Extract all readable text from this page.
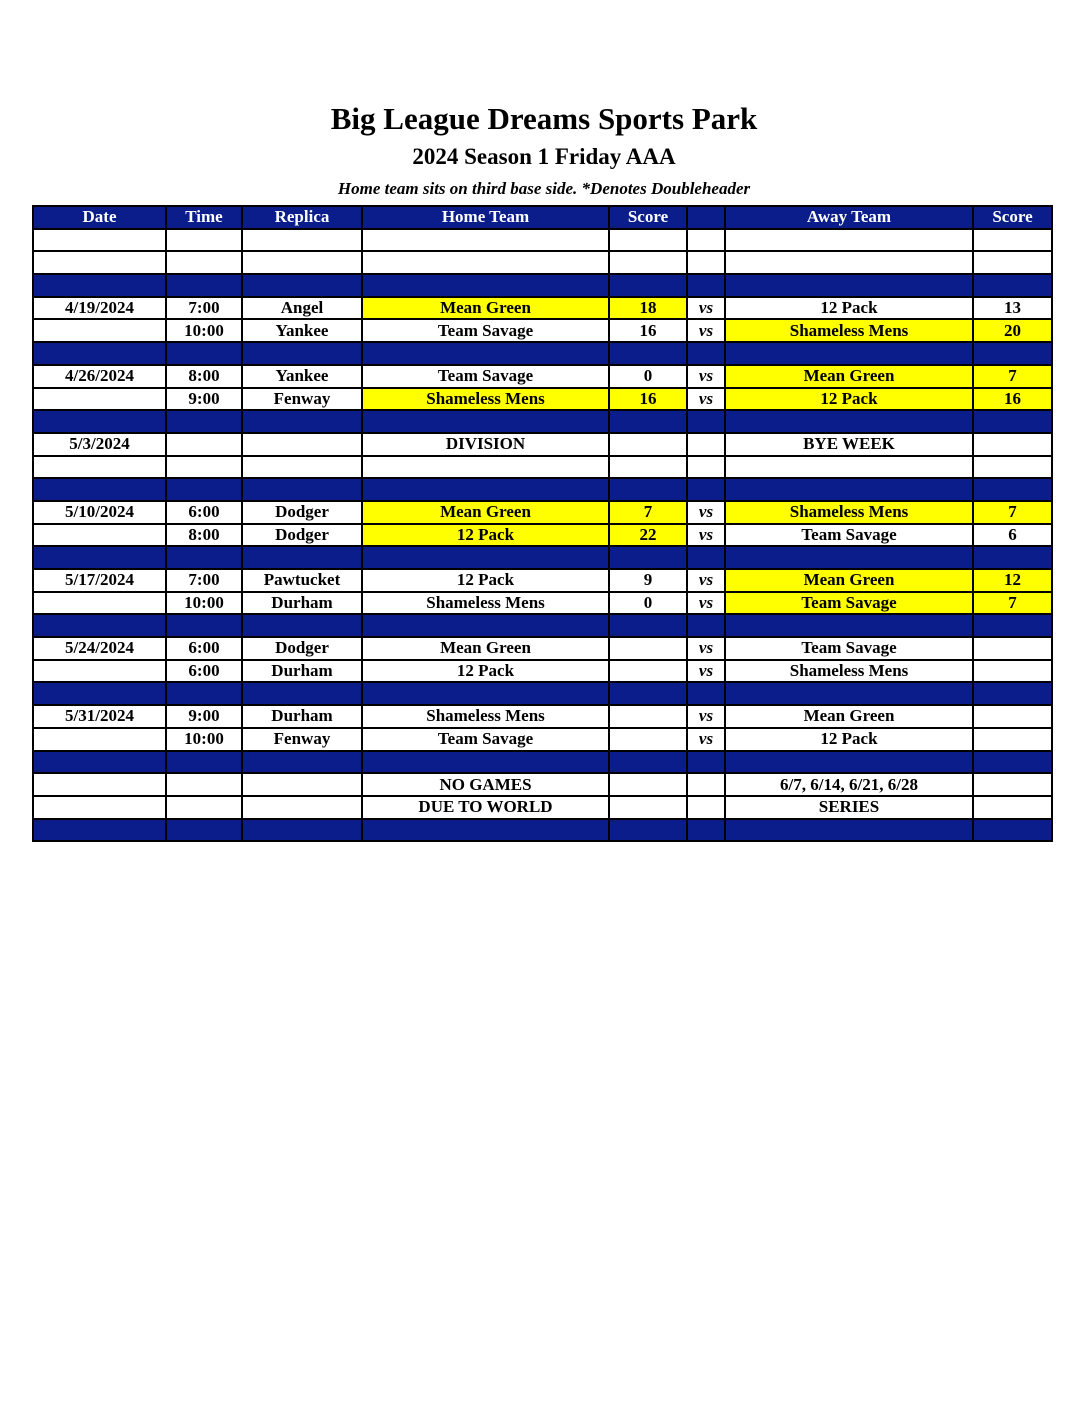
Big League Dreams Sports Park
2024 Season 1 Friday AAA
Home team sits on third base side. *Denotes Doubleheader
Date	Time	Replica	Home Team	Score		Away Team	Score

4/19/2024	7:00	Angel	Mean Green	18	vs	12 Pack	13
	10:00	Yankee	Team Savage	16	vs	Shameless Mens	20

4/26/2024	8:00	Yankee	Team Savage	0	vs	Mean Green	7
	9:00	Fenway	Shameless Mens	16	vs	12 Pack	16

5/3/2024			DIVISION			BYE WEEK	

5/10/2024	6:00	Dodger	Mean Green	7	vs	Shameless Mens	7
	8:00	Dodger	12 Pack	22	vs	Team Savage	6

5/17/2024	7:00	Pawtucket	12 Pack	9	vs	Mean Green	12
	10:00	Durham	Shameless Mens	0	vs	Team Savage	7

5/24/2024	6:00	Dodger	Mean Green		vs	Team Savage	
	6:00	Durham	12 Pack		vs	Shameless Mens	

5/31/2024	9:00	Durham	Shameless Mens		vs	Mean Green	
	10:00	Fenway	Team Savage		vs	12 Pack	

			NO GAMES			6/7, 6/14, 6/21, 6/28	
			DUE TO WORLD			SERIES	
